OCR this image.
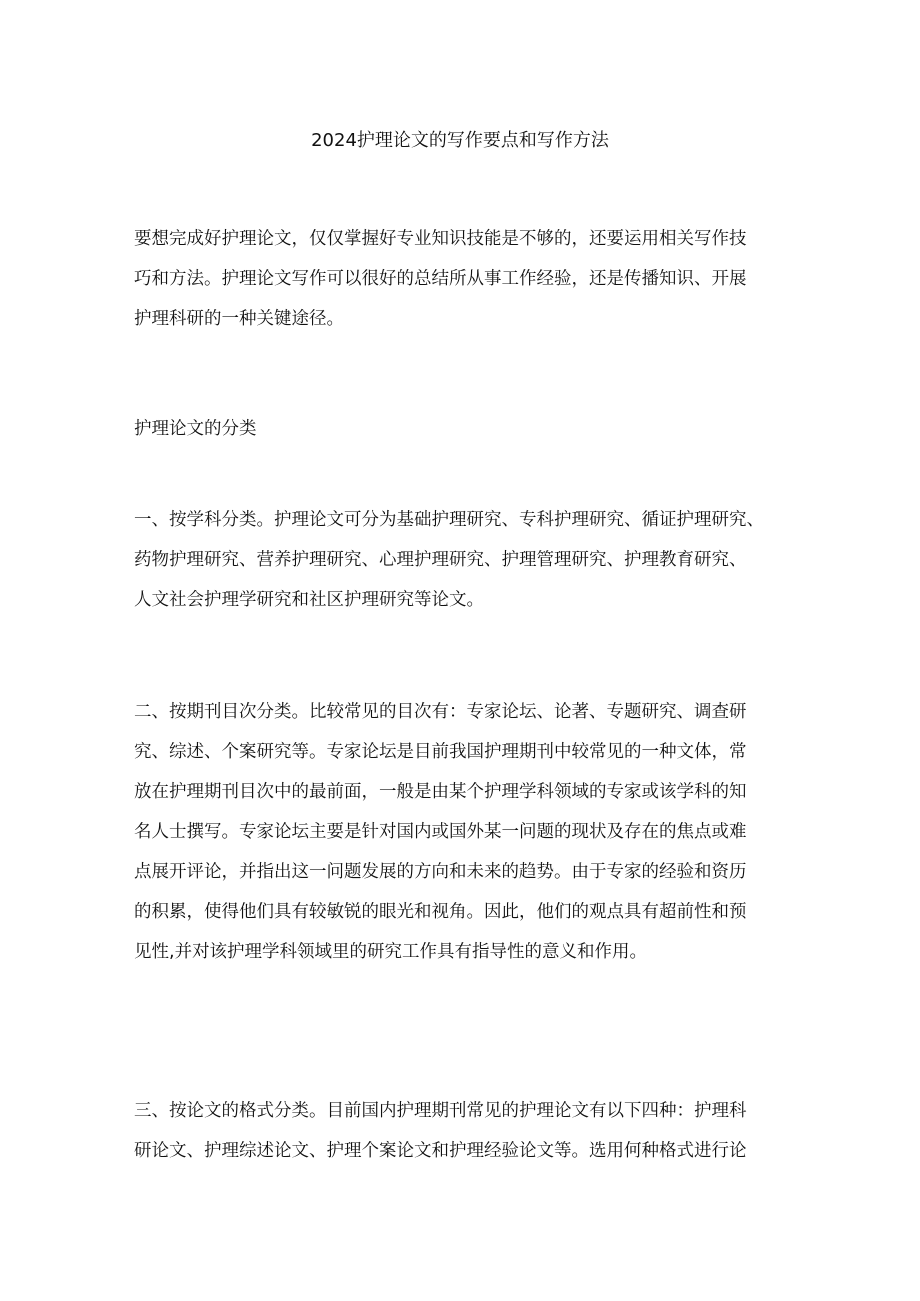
2024护理论文的写作要点和写作方法
要想完成好护理论文，仅仅掌握好专业知识技能是不够的，还要运用相关写作技
巧和方法。护理论文写作可以很好的总结所从事工作经验，还是传播知识、开展
护理科研的一种关键途径。
护理论文的分类
一、按学科分类。护理论文可分为基础护理研究、专科护理研究、循证护理研究、
药物护理研究、营养护理研究、心理护理研究、护理管理研究、护理教育研究、
人文社会护理学研究和社区护理研究等论文。
二、按期刊目次分类。比较常见的目次有：专家论坛、论著、专题研究、调查研
究、综述、个案研究等。专家论坛是目前我国护理期刊中较常见的一种文体，常
放在护理期刊目次中的最前面，一般是由某个护理学科领域的专家或该学科的知
名人士撰写。专家论坛主要是针对国内或国外某一问题的现状及存在的焦点或难
点展开评论，并指出这一问题发展的方向和未来的趋势。由于专家的经验和资历
的积累，使得他们具有较敏锐的眼光和视角。因此，他们的观点具有超前性和预
见性,并对该护理学科领域里的研究工作具有指导性的意义和作用。
三、按论文的格式分类。目前国内护理期刊常见的护理论文有以下四种：护理科
研论文、护理综述论文、护理个案论文和护理经验论文等。选用何种格式进行论
